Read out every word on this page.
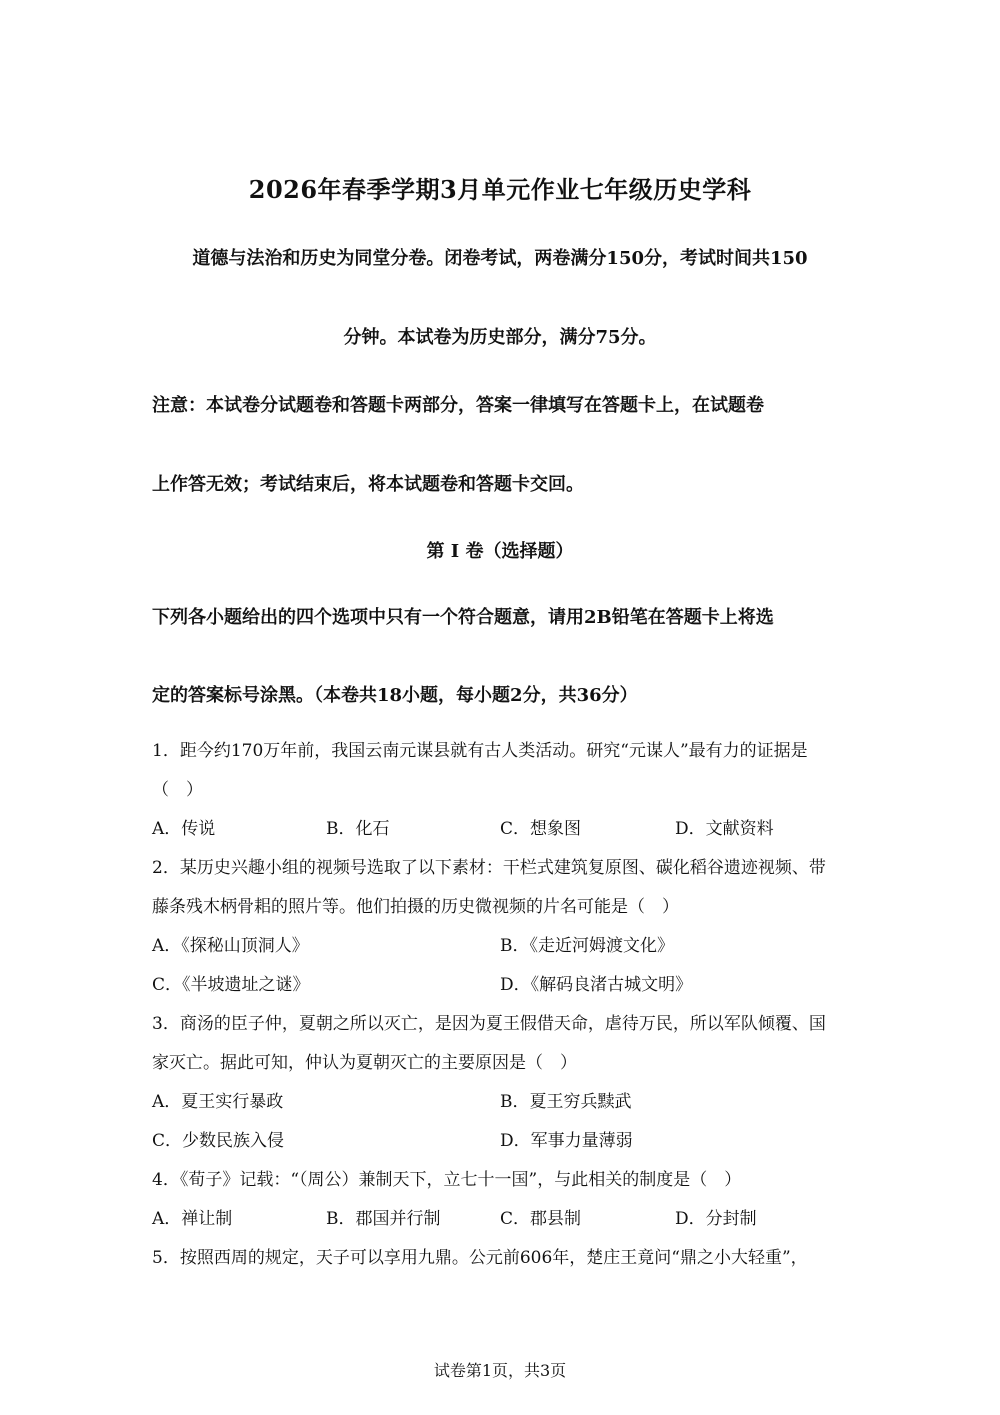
2026年春季学期3月单元作业七年级历史学科
道德与法治和历史为同堂分卷。闭卷考试，两卷满分150分，考试时间共150
分钟。本试卷为历史部分，满分75分。
注意：本试卷分试题卷和答题卡两部分，答案一律填写在答题卡上，在试题卷
上作答无效；考试结束后，将本试题卷和答题卡交回。
第 I 卷（选择题）
下列各小题给出的四个选项中只有一个符合题意，请用2B铅笔在答题卡上将选
定的答案标号涂黑。（本卷共18小题，每小题2分，共36分）
1．距今约170万年前，我国云南元谋县就有古人类活动。研究“元谋人”最有力的证据是
（　）
A．传说	B．化石	C．想象图	D．文献资料
2．某历史兴趣小组的视频号选取了以下素材：干栏式建筑复原图、碳化稻谷遗迹视频、带
藤条残木柄骨耜的照片等。他们拍摄的历史微视频的片名可能是（　）
A．《探秘山顶洞人》	B．《走近河姆渡文化》
C．《半坡遗址之谜》	D．《解码良渚古城文明》
3．商汤的臣子仲，夏朝之所以灭亡，是因为夏王假借天命，虐待万民，所以军队倾覆、国
家灭亡。据此可知，仲认为夏朝灭亡的主要原因是（　）
A．夏王实行暴政	B．夏王穷兵黩武
C．少数民族入侵	D．军事力量薄弱
4．《荀子》记载：“（周公）兼制天下，立七十一国”，与此相关的制度是（　）
A．禅让制	B．郡国并行制	C．郡县制	D．分封制
5．按照西周的规定，天子可以享用九鼎。公元前606年，楚庄王竟问“鼎之小大轻重”，
试卷第1页，共3页
